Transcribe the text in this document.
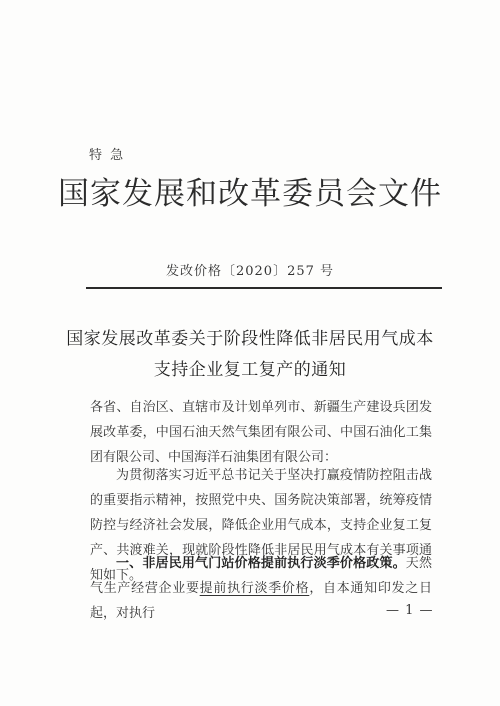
特 急
国家发展和改革委员会文件
发改价格〔2020〕257 号
国家发展改革委关于阶段性降低非居民用气成本
支持企业复工复产的通知
各省、自治区、直辖市及计划单列市、新疆生产建设兵团发展改革委，中国石油天然气集团有限公司、中国石油化工集团有限公司、中国海洋石油集团有限公司：
为贯彻落实习近平总书记关于坚决打赢疫情防控阻击战的重要指示精神，按照党中央、国务院决策部署，统筹疫情防控与经济社会发展，降低企业用气成本，支持企业复工复产、共渡难关，现就阶段性降低非居民用气成本有关事项通知如下。
一、非居民用气门站价格提前执行淡季价格政策。天然气生产经营企业要提前执行淡季价格，自本通知印发之日起，对执行	— 1 —
